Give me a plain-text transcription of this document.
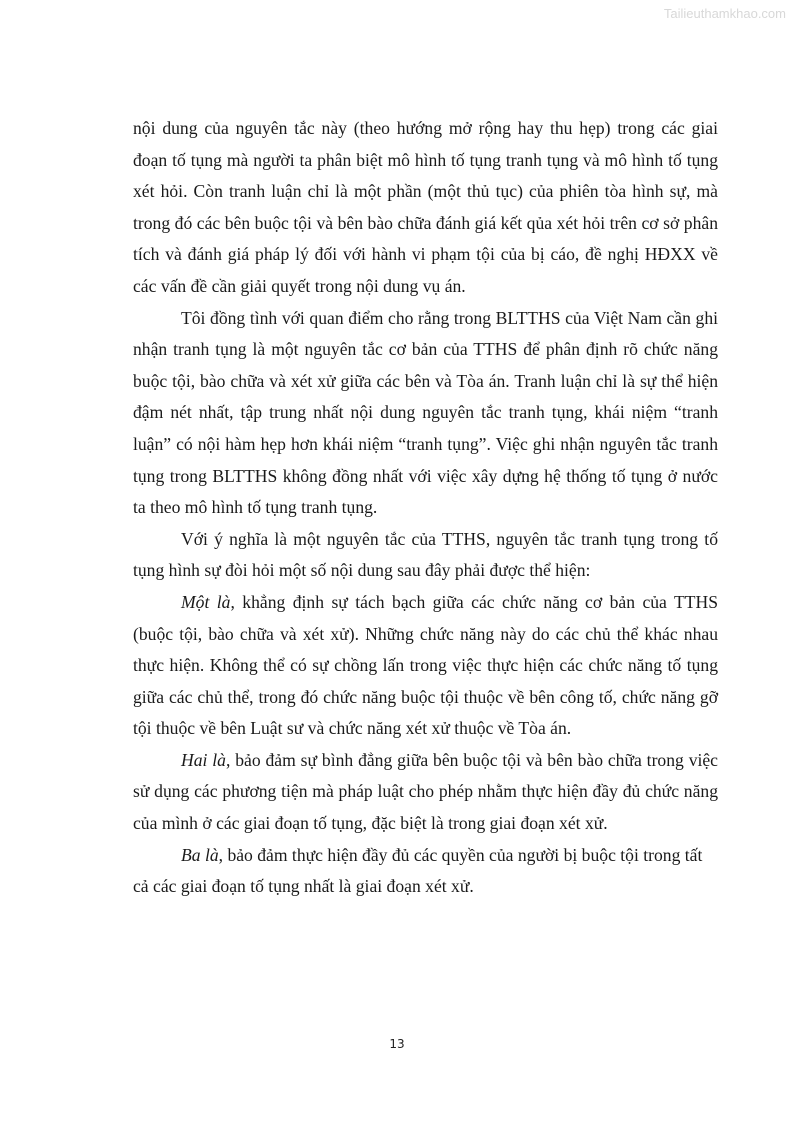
Tailieuthamkhao.com

nội dung của nguyên tắc này (theo hướng mở rộng hay thu hẹp) trong các giai đoạn tố tụng mà người ta phân biệt mô hình tố tụng tranh tụng và mô hình tố tụng xét hỏi. Còn tranh luận chỉ là một phần (một thủ tục) của phiên tòa hình sự, mà trong đó các bên buộc tội và bên bào chữa đánh giá kết qủa xét hỏi trên cơ sở phân tích và đánh giá pháp lý đối với hành vi phạm tội của bị cáo, đề nghị HĐXX về các vấn đề cần giải quyết trong nội dung vụ án.

Tôi đồng tình với quan điểm cho rằng trong BLTTHS của Việt Nam cần ghi nhận tranh tụng là một nguyên tắc cơ bản của TTHS để phân định rõ chức năng buộc tội, bào chữa và xét xử giữa các bên và Tòa án. Tranh luận chỉ là sự thể hiện đậm nét nhất, tập trung nhất nội dung nguyên tắc tranh tụng, khái niệm “tranh luận” có nội hàm hẹp hơn khái niệm “tranh tụng”. Việc ghi nhận nguyên tắc tranh tụng trong BLTTHS không đồng nhất với việc xây dựng hệ thống tố tụng ở nước ta theo mô hình tố tụng tranh tụng.

Với ý nghĩa là một nguyên tắc của TTHS, nguyên tắc tranh tụng trong tố tụng hình sự đòi hỏi một số nội dung sau đây phải được thể hiện:

Một là, khẳng định sự tách bạch giữa các chức năng cơ bản của TTHS (buộc tội, bào chữa và xét xử). Những chức năng này do các chủ thể khác nhau thực hiện. Không thể có sự chồng lấn trong việc thực hiện các chức năng tố tụng giữa các chủ thể, trong đó chức năng buộc tội thuộc về bên công tố, chức năng gỡ tội thuộc về bên Luật sư và chức năng xét xử thuộc về Tòa án.

Hai là, bảo đảm sự bình đẳng giữa bên buộc tội và bên bào chữa trong việc sử dụng các phương tiện mà pháp luật cho phép nhằm thực hiện đầy đủ chức năng của mình ở các giai đoạn tố tụng, đặc biệt là trong giai đoạn xét xử.

Ba là, bảo đảm thực hiện đầy đủ các quyền của người bị buộc tội trong tất cả các giai đoạn tố tụng nhất là giai đoạn xét xử.

13
